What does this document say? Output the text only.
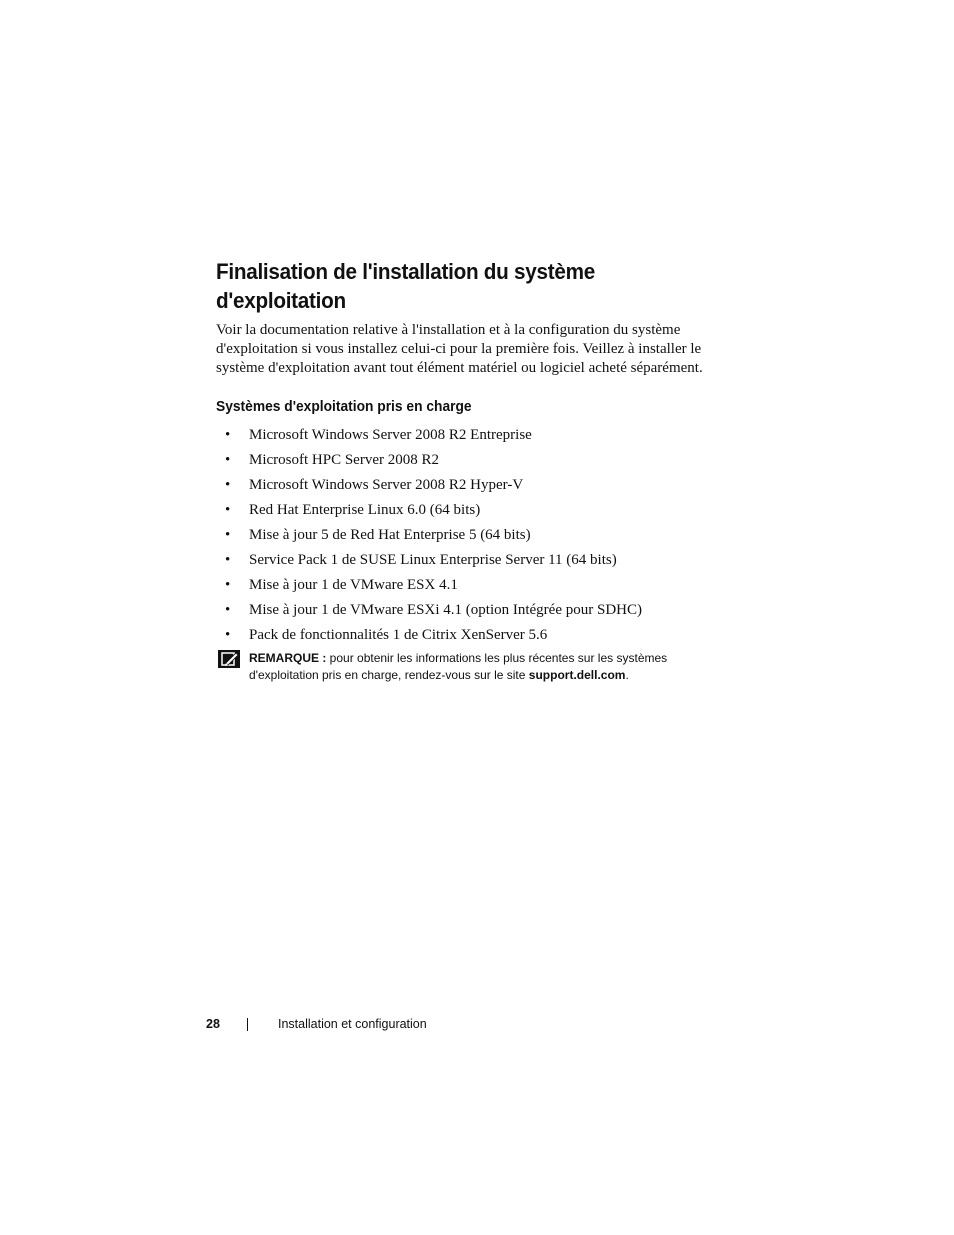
Finalisation de l'installation du système
d'exploitation

Voir la documentation relative à l'installation et à la configuration du système d'exploitation si vous installez celui-ci pour la première fois. Veillez à installer le système d'exploitation avant tout élément matériel ou logiciel acheté séparément.

Systèmes d'exploitation pris en charge
• Microsoft Windows Server 2008 R2 Entreprise
• Microsoft HPC Server 2008 R2
• Microsoft Windows Server 2008 R2 Hyper-V
• Red Hat Enterprise Linux 6.0 (64 bits)
• Mise à jour 5 de Red Hat Enterprise 5 (64 bits)
• Service Pack 1 de SUSE Linux Enterprise Server 11 (64 bits)
• Mise à jour 1 de VMware ESX 4.1
• Mise à jour 1 de VMware ESXi 4.1 (option Intégrée pour SDHC)
• Pack de fonctionnalités 1 de Citrix XenServer 5.6
REMARQUE : pour obtenir les informations les plus récentes sur les systèmes d'exploitation pris en charge, rendez-vous sur le site support.dell.com.
28	Installation et configuration
